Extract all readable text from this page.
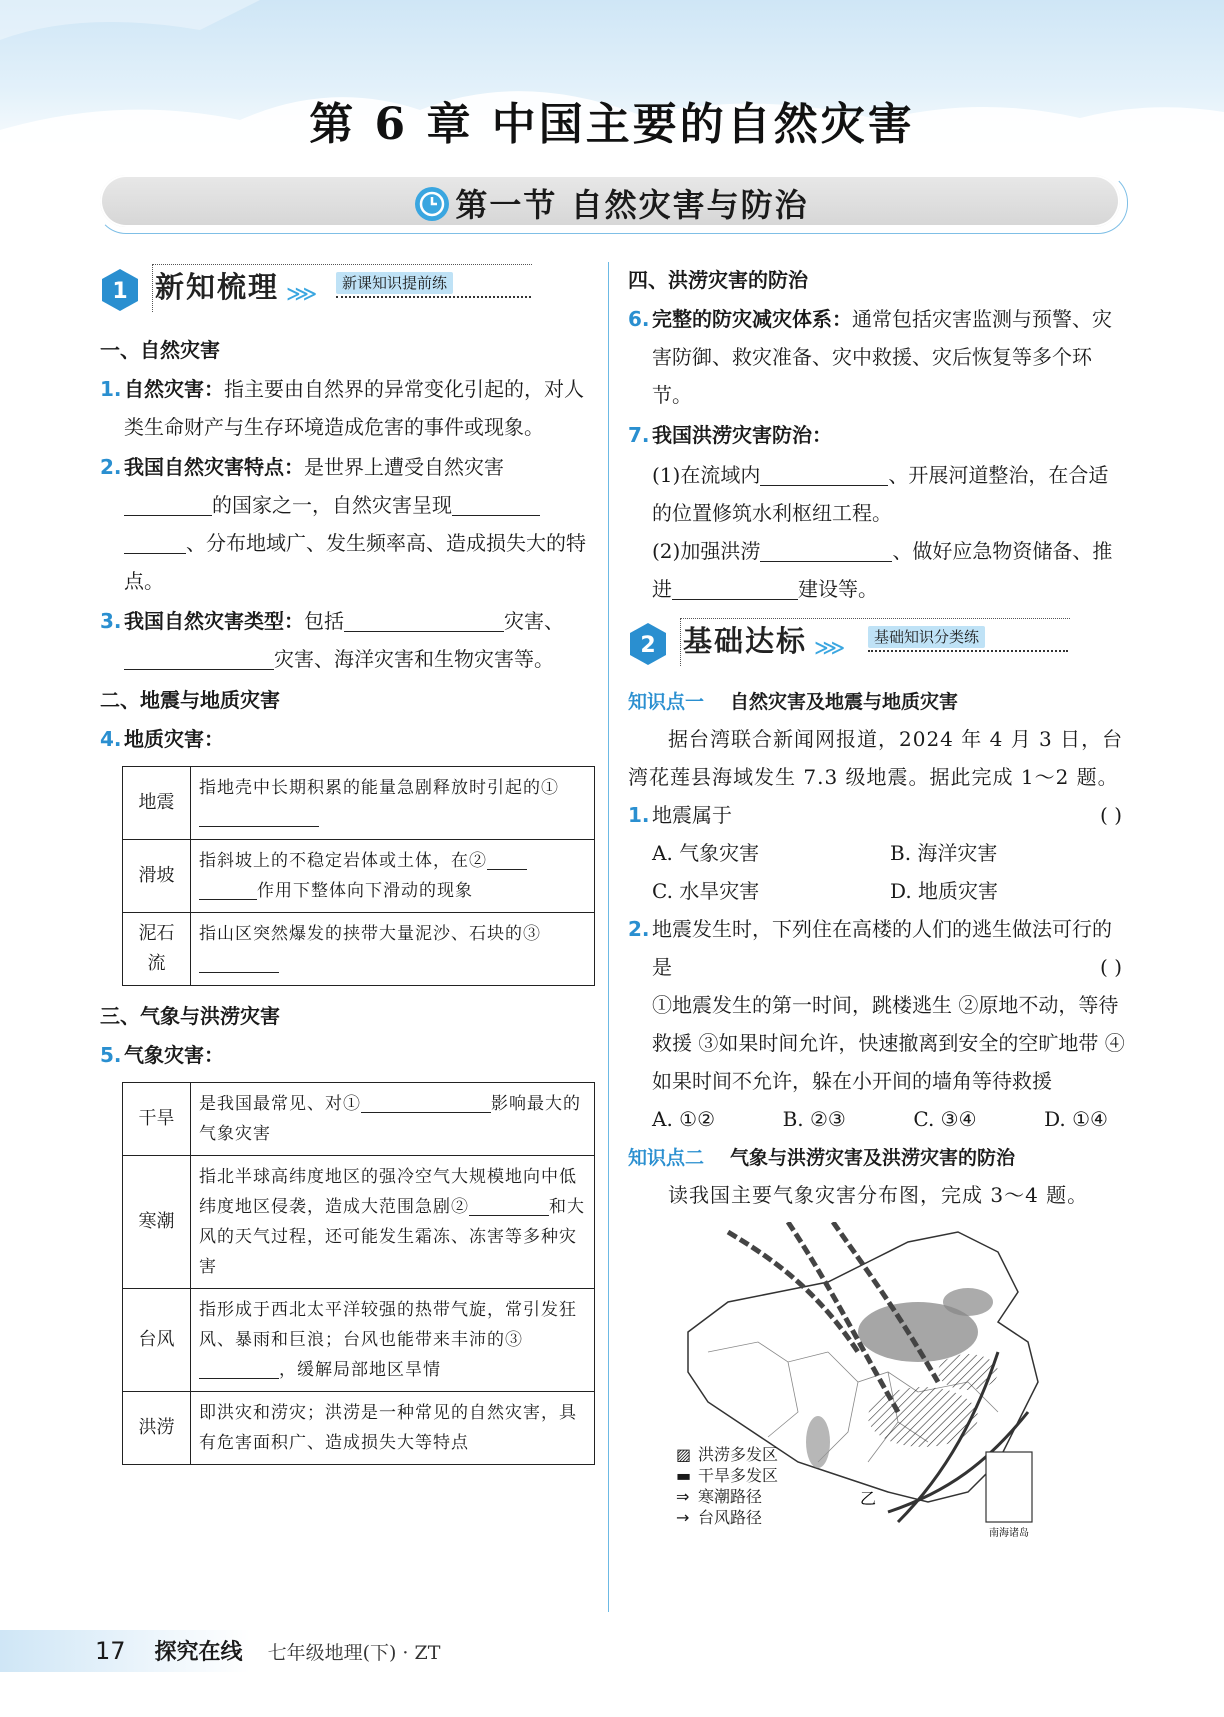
第 6 章 中国主要的自然灾害
第一节 自然灾害与防治
1 新知梳理 ⋙	新课知识提前练
一、自然灾害
1. 自然灾害：指主要由自然界的异常变化引起的，对人类生命财产与生存环境造成危害的事件或现象。
2. 我国自然灾害特点：是世界上遭受自然灾害
的国家之一，自然灾害呈现
、分布地域广、发生频率高、造成损失大的特点。
3. 我国自然灾害类型：包括	灾害、灾害、海洋灾害和生物灾害等。
二、地震与地质灾害
4. 地质灾害：
地震	指地壳中长期积累的能量急剧释放时引起的①
滑坡	指斜坡上的不稳定岩体或土体，在②
作用下整体向下滑动的现象
泥石流	指山区突然爆发的挟带大量泥沙、石块的③
三、气象与洪涝灾害
5. 气象灾害：
干旱	是我国最常见、对① 影响最大的气象灾害
寒潮	指北半球高纬度地区的强冷空气大规模地向中低纬度地区侵袭，造成大范围急剧② 和大风的天气过程，还可能发生霜冻、冻害等多种灾害
台风	指形成于西北太平洋较强的热带气旋，常引发狂风、暴雨和巨浪；台风也能带来丰沛的③，缓解局部地区旱情
洪涝	即洪灾和涝灾；洪涝是一种常见的自然灾害，具有危害面积广、造成损失大等特点
四、洪涝灾害的防治
6. 完整的防灾减灾体系：通常包括灾害监测与预警、灾害防御、救灾准备、灾中救援、灾后恢复等多个环节。
7. 我国洪涝灾害防治：
(1)在流域内	、开展河道整治，在合适的位置修筑水利枢纽工程。
(2)加强洪涝	、做好应急物资储备、推进	建设等。
2 基础达标 ⋙	基础知识分类练
知识点一 自然灾害及地震与地质灾害
据台湾联合新闻网报道，2024 年 4 月 3 日，台湾花莲县海域发生 7.3 级地震。据此完成 1～2 题。
1. 地震属于	( )
A. 气象灾害	B. 海洋灾害
C. 水旱灾害	D. 地质灾害
2. 地震发生时，下列住在高楼的人们的逃生做法可行的是	( )
①地震发生的第一时间，跳楼逃生 ②原地不动，等待救援 ③如果时间允许，快速撤离到安全的空旷地带 ④如果时间不允许，躲在小开间的墙角等待救援
A. ①②	B. ②③	C. ③④	D. ①④
知识点二 气象与洪涝灾害及洪涝灾害的防治
读我国主要气象灾害分布图，完成 3～4 题。
南海诸岛
乙
▨ 洪涝多发区
▬ 干旱多发区
⇒ 寒潮路径
→ 台风路径
17 探究在线 七年级地理(下) · ZT
